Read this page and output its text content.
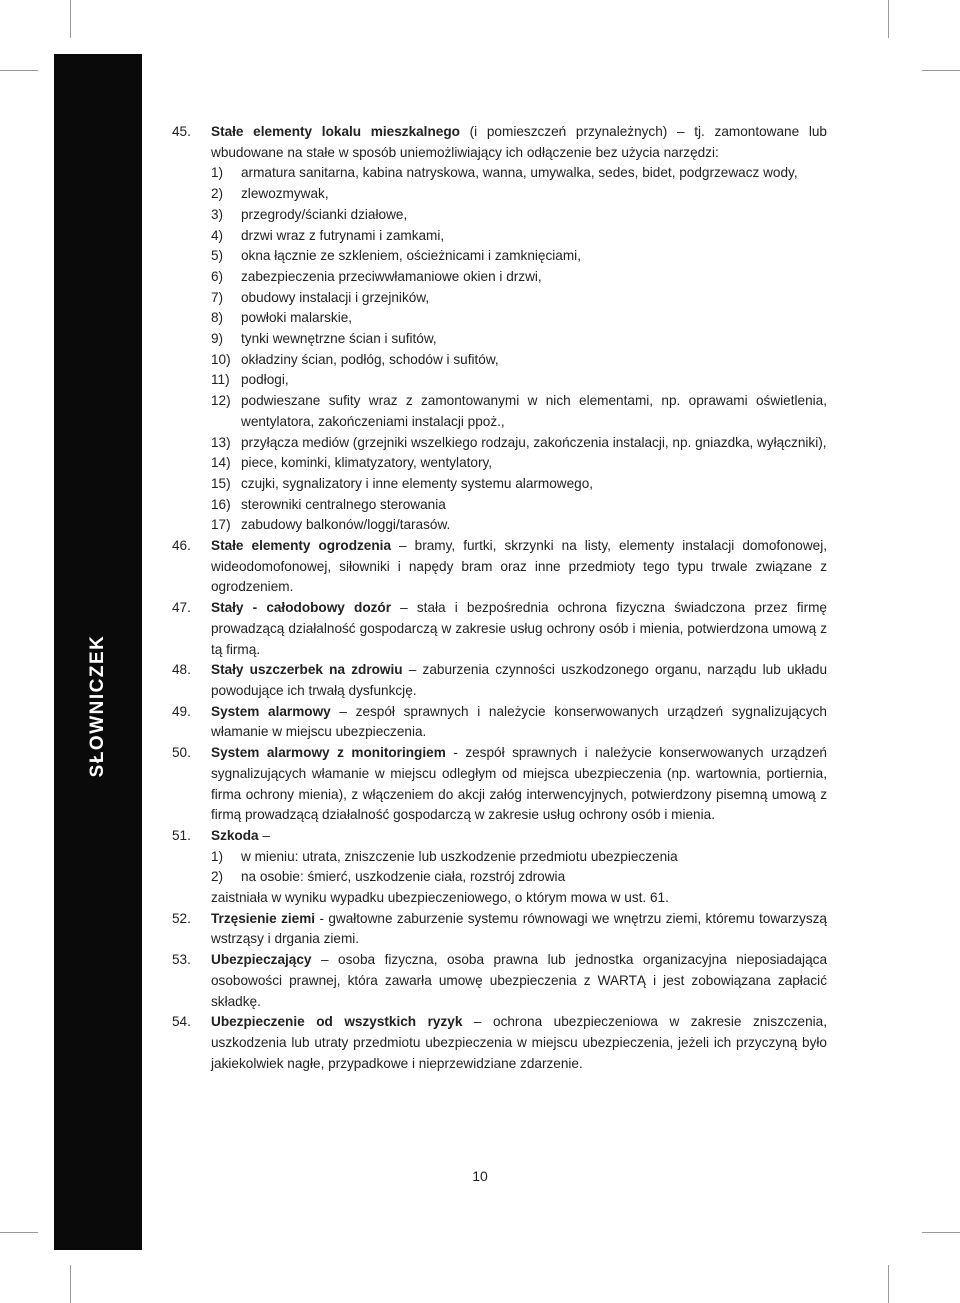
SŁOWNICZEK
45. Stałe elementy lokalu mieszkalnego (i pomieszczeń przynależnych) – tj. zamontowane lub wbudowane na stałe w sposób uniemożliwiający ich odłączenie bez użycia narzędzi:
1) armatura sanitarna, kabina natryskowa, wanna, umywalka, sedes, bidet, podgrzewacz wody,
2) zlewozmywak,
3) przegrody/ścianki działowe,
4) drzwi wraz z futrynami i zamkami,
5) okna łącznie ze szkleniem, ościeżnicami i zamknięciami,
6) zabezpieczenia przeciwwłamaniowe okien i drzwi,
7) obudowy instalacji i grzejników,
8) powłoki malarskie,
9) tynki wewnętrzne ścian i sufitów,
10) okładziny ścian, podłóg, schodów i sufitów,
11) podłogi,
12) podwieszane sufity wraz z zamontowanymi w nich elementami, np. oprawami oświetlenia, wentylatora, zakończeniami instalacji ppoż.,
13) przyłącza mediów (grzejniki wszelkiego rodzaju, zakończenia instalacji, np. gniazdka, wyłączniki),
14) piece, kominki, klimatyzatory, wentylatory,
15) czujki, sygnalizatory i inne elementy systemu alarmowego,
16) sterowniki centralnego sterowania
17) zabudowy balkonów/loggi/tarasów.
46. Stałe elementy ogrodzenia – bramy, furtki, skrzynki na listy, elementy instalacji domofonowej, wideodomofonowej, siłowniki i napędy bram oraz inne przedmioty tego typu trwale związane z ogrodzeniem.
47. Stały - całodobowy dozór – stała i bezpośrednia ochrona fizyczna świadczona przez firmę prowadzącą działalność gospodarczą w zakresie usług ochrony osób i mienia, potwierdzona umową z tą firmą.
48. Stały uszczerbek na zdrowiu – zaburzenia czynności uszkodzonego organu, narządu lub układu powodujące ich trwałą dysfunkcję.
49. System alarmowy – zespół sprawnych i należycie konserwowanych urządzeń sygnalizujących włamanie w miejscu ubezpieczenia.
50. System alarmowy z monitoringiem - zespół sprawnych i należycie konserwowanych urządzeń sygnalizujących włamanie w miejscu odległym od miejsca ubezpieczenia (np. wartownia, portiernia, firma ochrony mienia), z włączeniem do akcji załóg interwencyjnych, potwierdzony pisemną umową z firmą prowadzącą działalność gospodarczą w zakresie usług ochrony osób i mienia.
51. Szkoda –
1) w mieniu: utrata, zniszczenie lub uszkodzenie przedmiotu ubezpieczenia
2) na osobie: śmierć, uszkodzenie ciała, rozstrój zdrowia
zaistniała w wyniku wypadku ubezpieczeniowego, o którym mowa w ust. 61.
52. Trzęsienie ziemi - gwałtowne zaburzenie systemu równowagi we wnętrzu ziemi, któremu towarzyszą wstrząsy i drgania ziemi.
53. Ubezpieczający – osoba fizyczna, osoba prawna lub jednostka organizacyjna nieposiadająca osobowości prawnej, która zawarła umowę ubezpieczenia z WARTĄ i jest zobowiązana zapłacić składkę.
54. Ubezpieczenie od wszystkich ryzyk – ochrona ubezpieczeniowa w zakresie zniszczenia, uszkodzenia lub utraty przedmiotu ubezpieczenia w miejscu ubezpieczenia, jeżeli ich przyczyną było jakiekolwiek nagłe, przypadkowe i nieprzewidziane zdarzenie.
10
